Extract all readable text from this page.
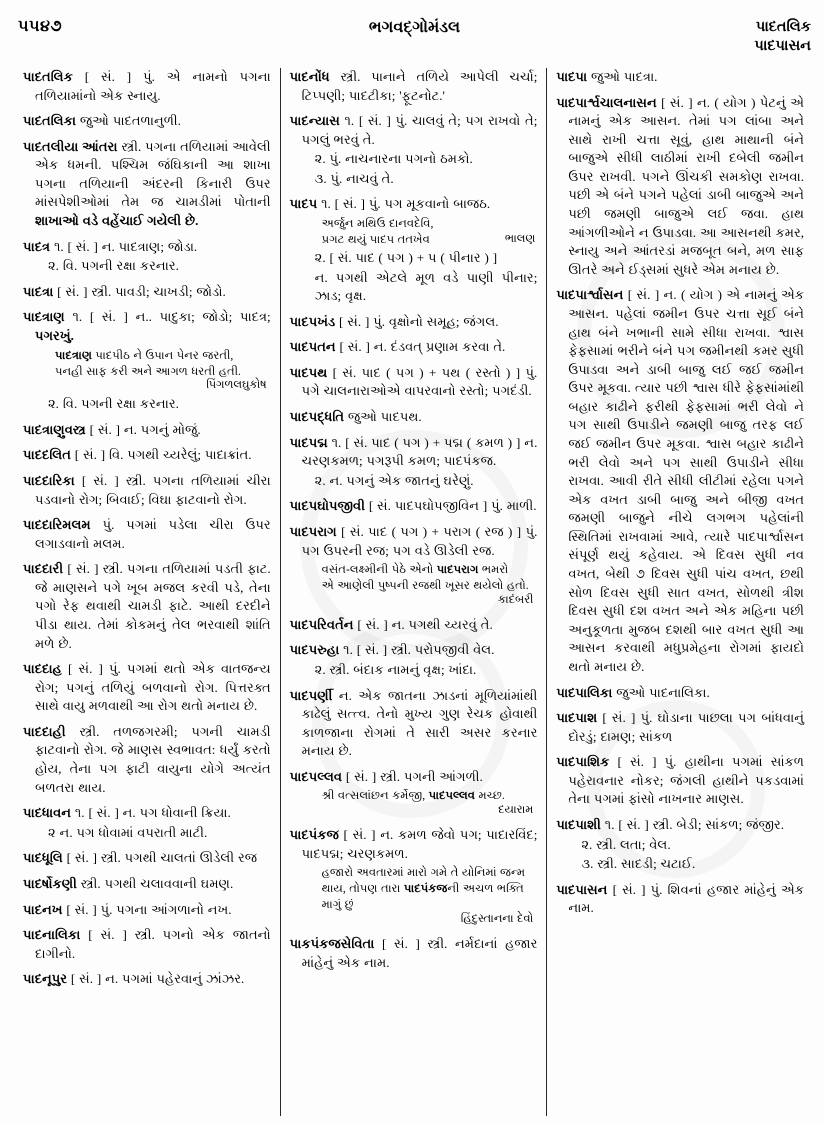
૫૫૪૭	ભગવદ્ગોમંડલ	પાદતલિક
પાદપાસન

પાદતલિક [ સં. ] પું. એ નામનો પગના તળિયામાંનો એક સ્નાયુ.

પાદતલિકા જુઓ પાદતળાનુળી.

પાદતલીયા આંતરા સ્ત્રી. પગના તળિયામાં આવેલી એક ધમની. પશ્ચિમ જંઘિકાની આ શાખા પગના તળિયાની અંદરની કિનારી ઉપર માંસપેશીઓમાં તેમ જ ચામડીમાં પોતાની શાખાઓ વડે વહેંચાઈ ગયેલી છે.

પાદત્ર ૧. [ સં. ] ન. પાદત્રાણ; જોડા.
૨. વિ. પગની રક્ષા કરનાર.

પાદત્રા [ સં. ] સ્ત્રી. પાવડી; ચાખડી; જોડો.

પાદત્રાણ ૧. [ સં. ] ન.. પાદુકા; જોડો; પાદત્ર; પગરખું.
પાદત્રાણ પાદપીઠ ને ઉપાન પેનર જરતી,
પનહી સાફ કરી અને આગળ ધરતી હતી.
પિંગળલઘુકોષ
૨. વિ. પગની રક્ષા કરનાર.

પાદત્રાણુવસ્ત્ર [ સં. ] ન. પગનું મોજું.

પાદદલિત [ સં. ] વિ. પગથી ચ્યરેલું; પાદાક્રાંત.

પાદદારિકા [ સં. ] સ્ત્રી. પગના તળિયામાં ચીરા પડવાનો રોગ; બિવાઈ; વિઘા ફાટવાનો રોગ.

પાદદારિમલમ પું. પગમાં પડેલા ચીરા ઉપર લગાડવાનો મલમ.

પાદદારી [ સં. ] સ્ત્રી. પગના તળિયામાં પડતી ફાટ. જે માણસને પગે ખૂબ મજલ કરવી પડે, તેના પગો રેફ થવાથી ચામડી ફાટે. આથી દરદીને પીડા થાય. તેમાં કોકમનું તેલ ભરવાથી શાંતિ મળે છે.

પાદદાહ [ સં. ] પું. પગમાં થતો એક વાતજન્ય રોગ; પગનું તળિયું બળવાનો રોગ. પિત્તરક્ત સાથે વાયુ મળવાથી આ રોગ થતો મનાય છે.

પાદદાહી સ્ત્રી. તળજગરમી; પગની ચામડી ફાટવાનો રોગ. જે માણસ સ્વભાવત: ધર્યું કરતો હોય, તેના પગ ફાટી વાયુના યોગે અત્યંત બળતરા થાય.

પાદધાવન ૧. [ સં. ] ન. પગ ધોવાની ક્રિયા.
૨ ન. પગ ધોવામાં વપરાતી માટી.

પાદધૂલિ [ સં. ] સ્ત્રી. પગથી ચાલતાં ઊડેલી રજ

પાદર્ષોકણી સ્ત્રી. પગથી ચલાવવાની ઘમણ.

પાદનખ [ સં. ] પું. પગના આંગળાનો નખ.

પાદનાલિકા [ સં. ] સ્ત્રી. પગનો એક જાતનો દાગીનો.

પાદનૂપુર [ સં. ] ન. પગમાં પહેરવાનું ઝાંઝર.

પાદનોંધ સ્ત્રી. પાનાને તળિયે આપેલી ચર્ચા; ટિપ્પણી; પાદટીકા; 'ફૂટનોટ.'

પાદન્યાસ ૧. [ સં. ] પું. ચાલવું તે; પગ રાખવો તે; પગલું ભરવું તે.
૨. પું. નાચનારના પગનો ઠમકો.
૩. પું. નાચવું તે.

પાદપ ૧. [ સં. ] પું. પગ મૂકવાનો બાજઠ.
અર્જુન મથિઉ દાનવદેવિ,
પ્રગટ થયું પાદપ તતખેવ	ભાલણ
૨. [ સં. પાદ ( પગ ) + પ ( પીનાર ) ]
ન. પગથી એટલે મૂળ વડે પાણી પીનાર; ઝાડ; વૃક્ષ.

પાદપખંડ [ સં. ] પું. વૃક્ષોનો સમૂહ; જંગલ.

પાદપતન [ સં. ] ન. દંડવત્ પ્રણામ કરવા તે.

પાદપથ [ સં. પાદ ( પગ ) + પથ ( રસ્તો ) ] પું. પગે ચાલનારાઓએ વાપરવાનો રસ્તો; પગદંડી.

પાદપદ્ધતિ જુઓ પાદપથ.

પાદપદ્મ ૧. [ સં. પાદ ( પગ ) + પદ્મ ( કમળ ) ] ન. ચરણકમળ; પગરૂપી કમળ; પાદપંકજ.
૨. ન. પગનું એક જાતનું ઘરેણું.

પાદપઘોપજીવી [ સં. પાદપઘોપજીવિન ] પું. માળી.

પાદપરાગ [ સં. પાદ ( પગ ) + પરાગ ( રજ ) ] પું. પગ ઉપરની રજ; પગ વડે ઊડેલી રજ.
વસંત-લક્ષ્મીની પેઠે એનો પાદપરાગ ભમરો
એ આણેલી પુષ્પની રજથી ખૂસર થયેલો હતો.
કાદંબરી

પાદપરિવર્તન [ સં. ] ન. પગથી ચ્યરવું તે.

પાદપરુહા ૧. [ સં. ] સ્ત્રી. પરોપજીવી વેલ.
૨. સ્ત્રી. બંદાક નામનું વૃક્ષ; ખાંદા.

પાદપર્ણી ન. એક જાતના ઝાડનાં મૂળિયાંમાંથી કાઢેલું સત્ત્વ. તેનો મુખ્ય ગુણ રેચક હોવાથી કાળજાના રોગમાં તે સારી અસર કરનાર મનાય છે.

પાદપલ્લવ [ સં. ] સ્ત્રી. પગની આંગળી.
શ્રી વત્સલાંછન કર્મેજી, પાદપલ્લવ મચ્છ.
દયારામ

પાદપંકજ [ સં. ] ન. કમળ જેવો પગ; પાદારવિંદ; પાદપદ્મ; ચરણકમળ.
હજારો અવતારમાં મારો ગમે તે યોનિમાં જન્મ
થાય, તોપણ તારા પાદપંકજની અચળ ભક્તિ
માગું છું
હિંદુસ્તાનના દેવો

પાકપંકજસેવિતા [ સં. ] સ્ત્રી. નર્મદાનાં હજાર માંહેનું એક નામ.

પાદપા જુઓ પાદત્રા.

પાદપાર્શ્વચાલનાસન [ સં. ] ન. ( યોગ ) પેટનું એ નામનું એક આસન. તેમાં પગ લાંબા અને સાથે રાખી ચત્તા સૂવું, હાથ માથાની બંને બાજુએ સીધી લાઠીમાં રાખી દબેલી જમીન ઉપર રાખવી. પગને ઊંચકી સમકોણ રાખવા. પછી એ બંને પગને પહેલાં ડાબી બાજુએ અને પછી જમણી બાજુએ લઈ જવા. હાથ આંગળીઓને ન ઉપાડવા. આ આસનથી કમર, સ્નાયુ અને આંતરડાં મજબૂત બને, મળ સાફ ઊતરે અને ઈડ્સમાં સુધરે એમ મનાય છે.

પાદપાર્શ્વાસન [ સં. ] ન. ( યોગ ) એ નામનું એક આસન. પહેલાં જમીન ઉપર ચત્તા સૂઈ બંને હાથ બંને ખભાની સામે સીધા રાખવા. શ્વાસ ફેફસામાં ભરીને બંને પગ જમીનથી કમર સુધી ઉપાડવા અને ડાબી બાજુ લઈ જઈ જમીન ઉપર મૂકવા. ત્યાર પછી શ્વાસ ધીરે ફેફસાંમાંથી બહાર કાઢીને ફરીથી ફેફસામાં ભરી લેવો ને પગ સાથી ઉપાડીને જમણી બાજુ તરફ લઈ જઈ જમીન ઉપર મૂકવા. શ્વાસ બહાર કાઢીને ભરી લેવો અને પગ સાથી ઉપાડીને સીધા રાખવા. આવી રીતે સીધી લીટીમાં રહેલા પગને એક વખત ડાબી બાજુ અને બીજી વખત જમણી બાજુને નીચે લગભગ પહેલાંની સ્થિતિમાં રાખવામાં આવે, ત્યારે પાદપાર્શ્વાસન સંપૂર્ણ થયું કહેવાય. એ દિવસ સુધી નવ વખત, બેથી ૭ દિવસ સુધી પાંચ વખત, છથી સોળ દિવસ સુધી સાત વખત, સોળથી ત્રીશ દિવસ સુધી દશ વખત અને એક મહિના પછી અનુકૂળતા મુજબ દશથી બાર વખત સુધી આ આસન કરવાથી મધુપ્રમેહના રોગમાં ફાયદો થતો મનાય છે.

પાદપાલિકા જુઓ પાદનાલિકા.

પાદપાશ [ સં. ] પું. ઘોડાના પાછલા પગ બાંધવાનું દોરડું; દામણ; સાંકળ

પાદપાશિક [ સં. ] પું. હાથીના પગમાં સાંકળ પહેરાવનાર નોકર; જંગલી હાથીને પકડવામાં તેના પગમાં ફાંસો નાખનાર માણસ.

પાદપાશી ૧. [ સં. ] સ્ત્રી. બેડી; સાંકળ; જંજીર.
૨. સ્ત્રી. લતા; વેલ.
૩. સ્ત્રી. સાદડી; ચટાઈ.

પાદપાસન [ સં. ] પું. શિવનાં હજાર માંહેનું એક નામ.
